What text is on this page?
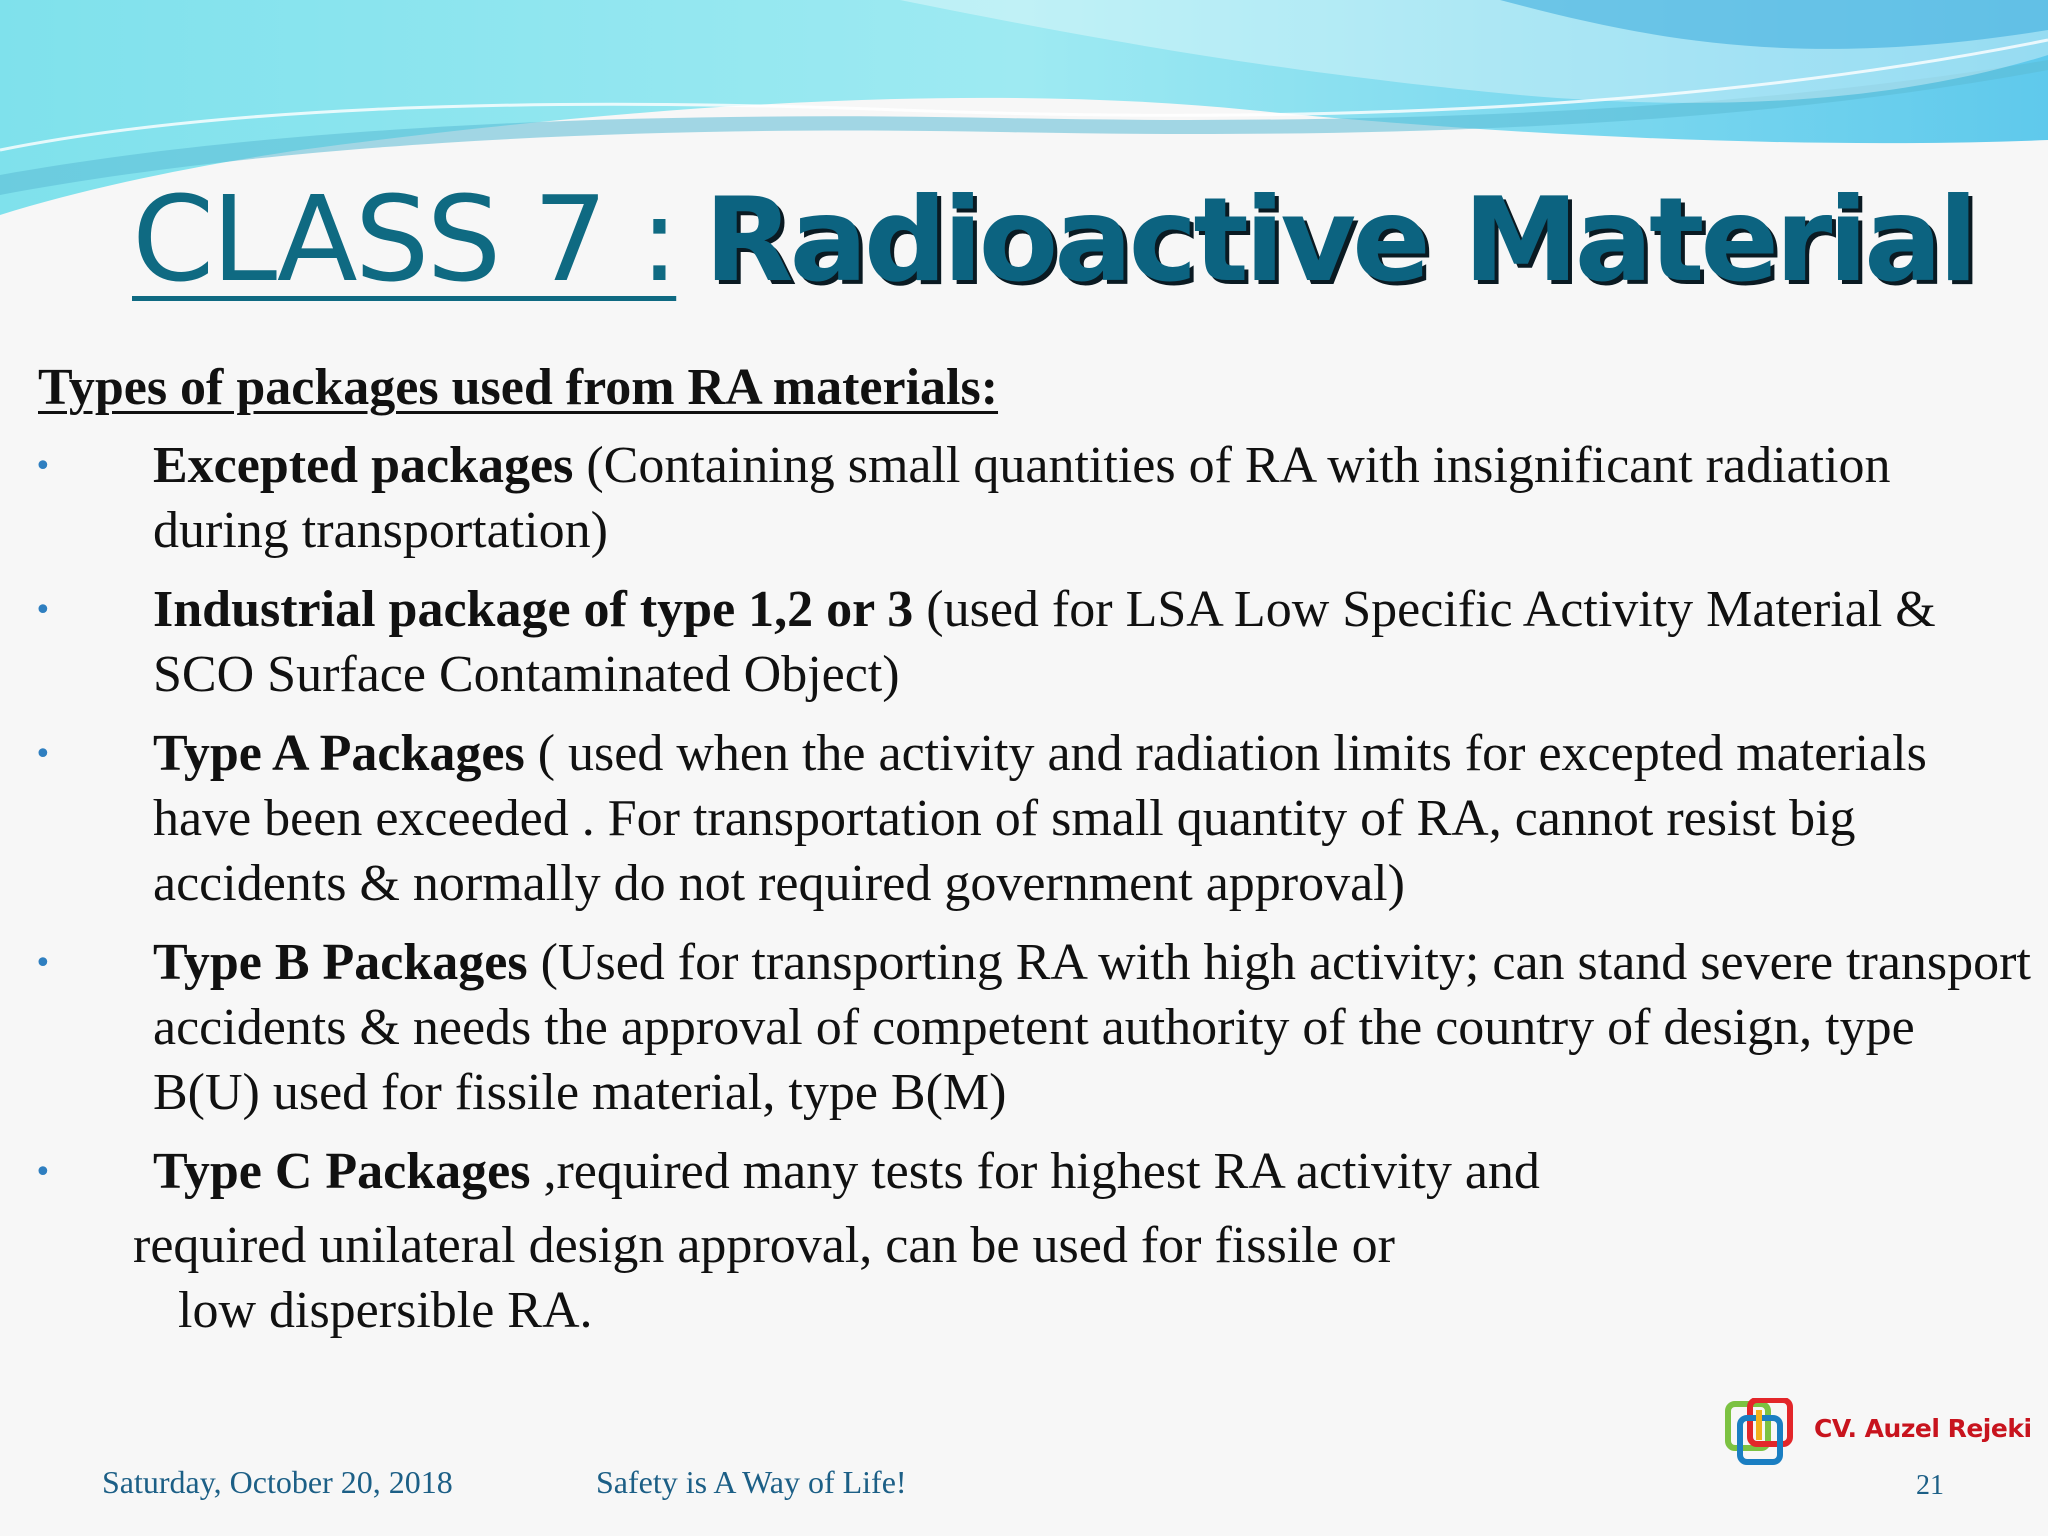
CLASS 7 : Radioactive Material
Types of packages used from RA materials:
• Excepted packages (Containing small quantities of RA with insignificant radiation during transportation)
• Industrial package of type 1,2 or 3 (used for LSA Low Specific Activity Material & SCO Surface Contaminated Object)
• Type A Packages ( used when the activity and radiation limits for excepted materials have been exceeded . For transportation of small quantity of RA, cannot resist big accidents & normally do not required government approval)
• Type B Packages (Used for transporting RA with high activity; can stand severe transport accidents & needs the approval of competent authority of the country of design, type B(U) used for fissile material, type B(M)
• Type C Packages ,required many tests for highest RA activity and
required unilateral design approval, can be used for fissile or
low dispersible RA.
CV. Auzel Rejeki
Saturday, October 20, 2018	Safety is A Way of Life!	21
